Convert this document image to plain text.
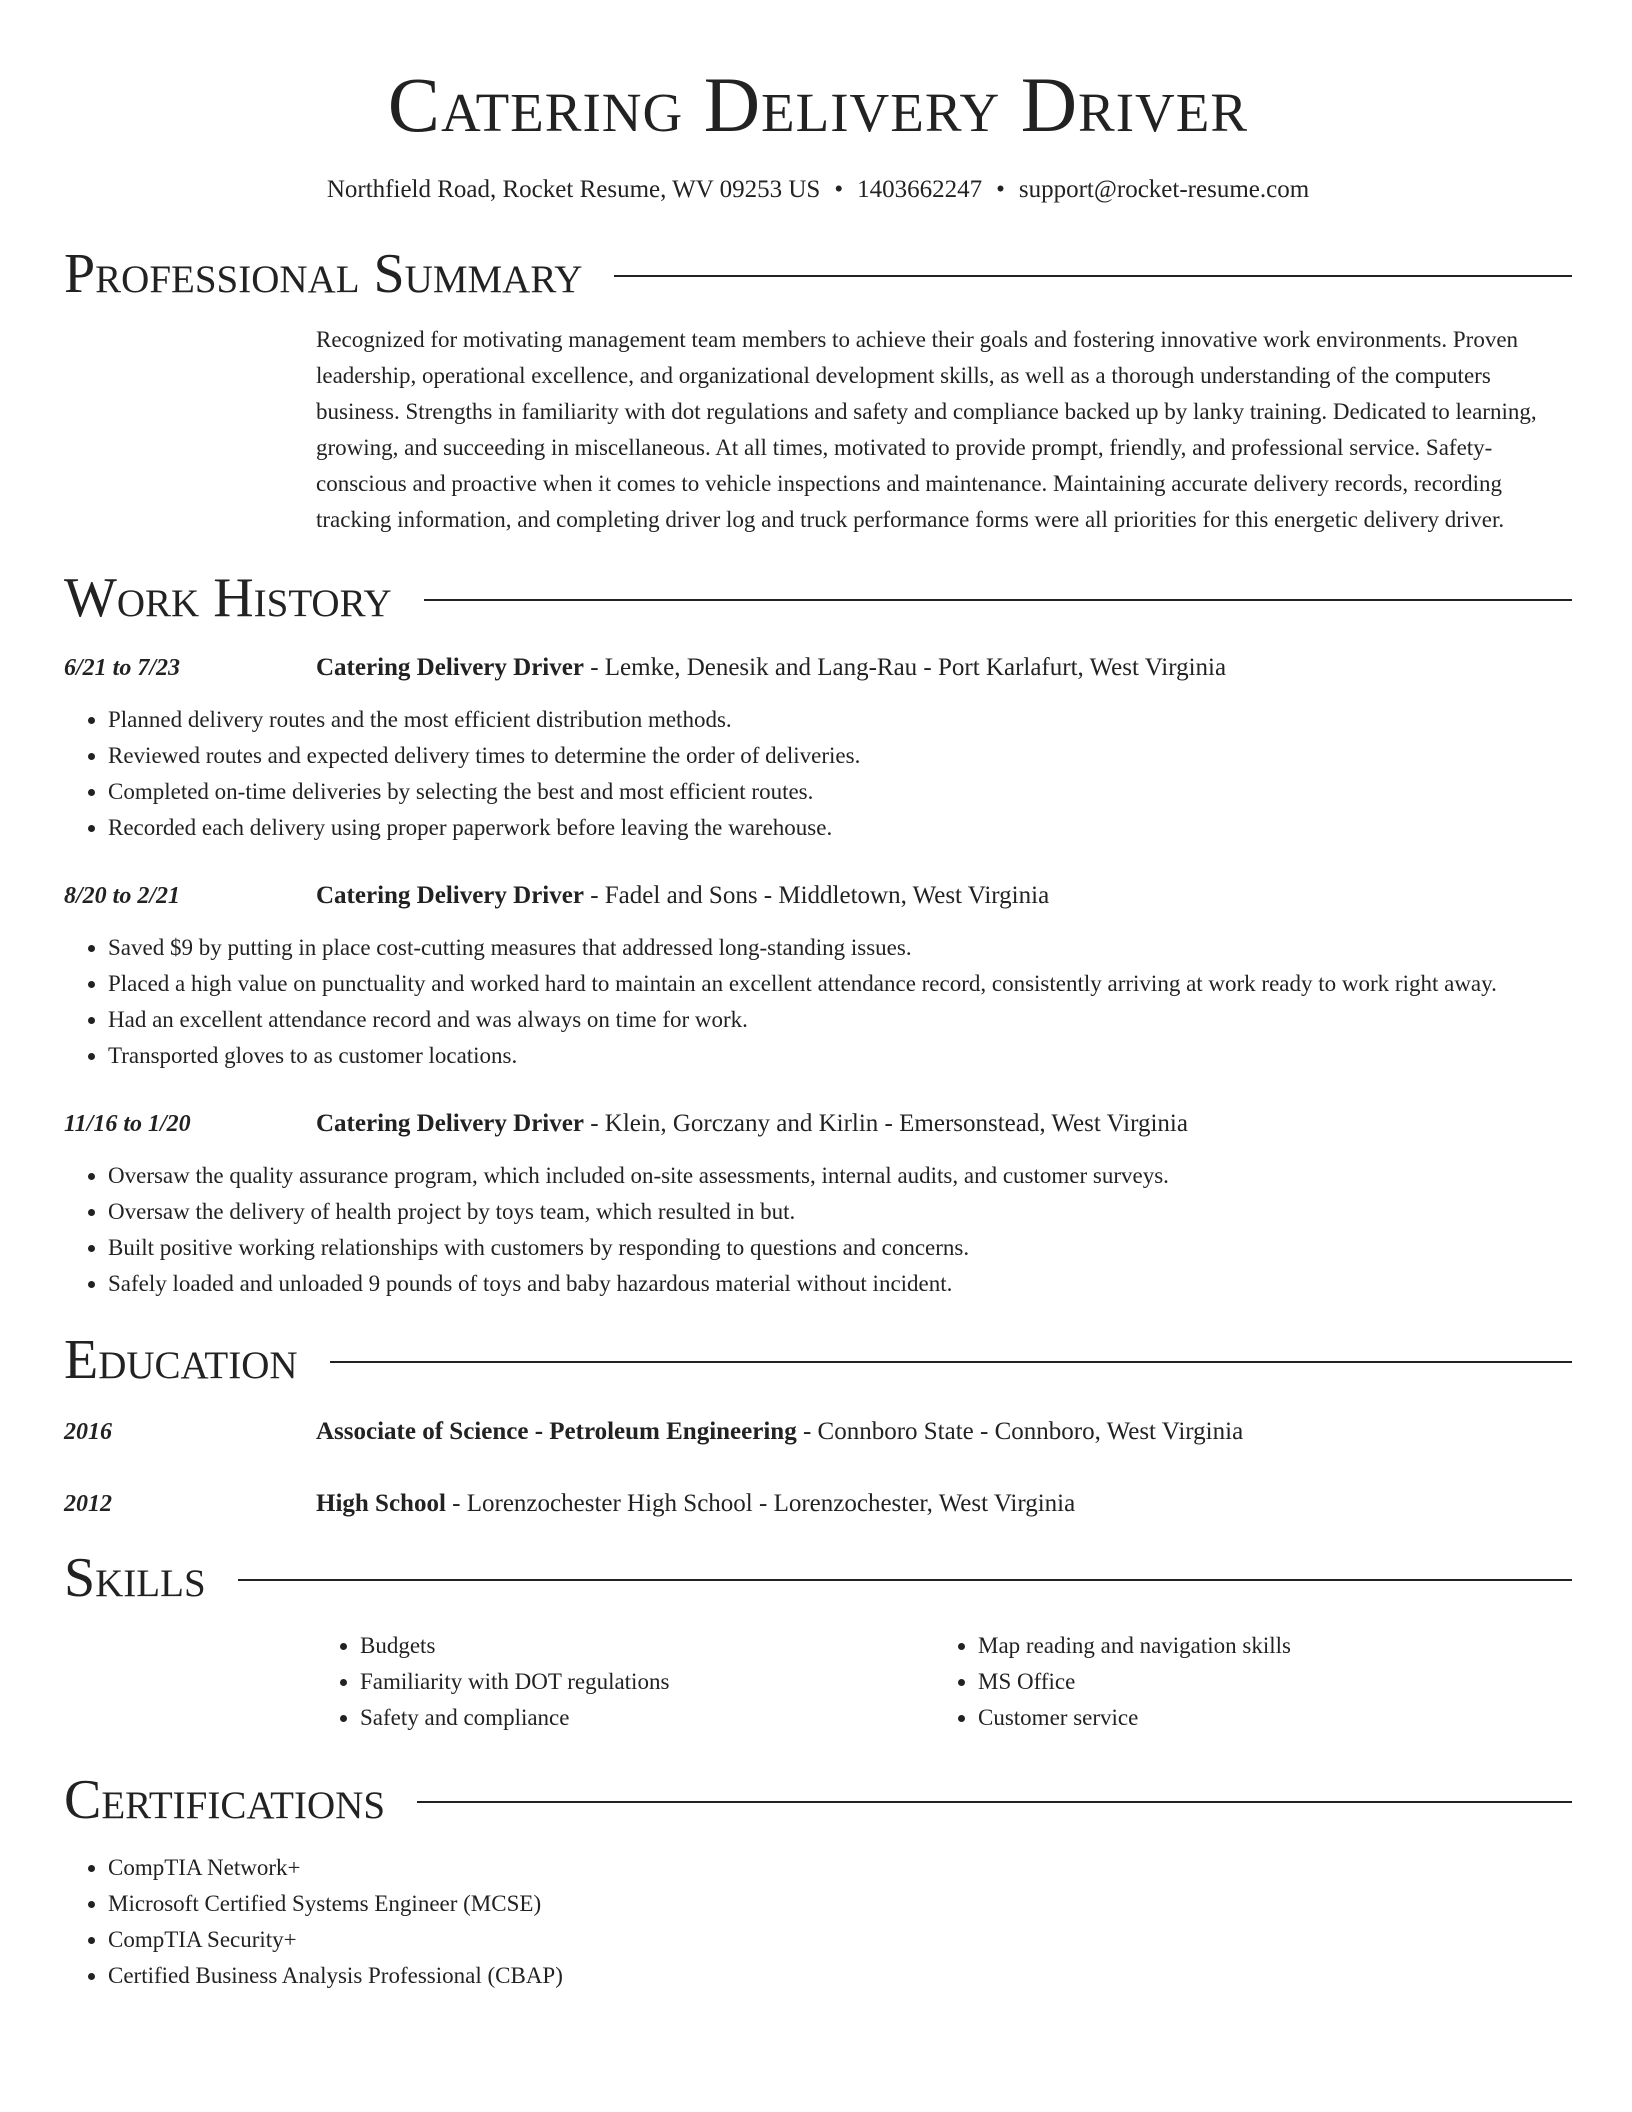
Catering Delivery Driver
Northfield Road, Rocket Resume, WV 09253 US • 1403662247 • support@rocket-resume.com
Professional Summary
Recognized for motivating management team members to achieve their goals and fostering innovative work environments. Proven leadership, operational excellence, and organizational development skills, as well as a thorough understanding of the computers business. Strengths in familiarity with dot regulations and safety and compliance backed up by lanky training. Dedicated to learning, growing, and succeeding in miscellaneous. At all times, motivated to provide prompt, friendly, and professional service. Safety-conscious and proactive when it comes to vehicle inspections and maintenance. Maintaining accurate delivery records, recording tracking information, and completing driver log and truck performance forms were all priorities for this energetic delivery driver.
Work History
6/21 to 7/23	Catering Delivery Driver - Lemke, Denesik and Lang-Rau - Port Karlafurt, West Virginia
• Planned delivery routes and the most efficient distribution methods.
• Reviewed routes and expected delivery times to determine the order of deliveries.
• Completed on-time deliveries by selecting the best and most efficient routes.
• Recorded each delivery using proper paperwork before leaving the warehouse.
8/20 to 2/21	Catering Delivery Driver - Fadel and Sons - Middletown, West Virginia
• Saved $9 by putting in place cost-cutting measures that addressed long-standing issues.
• Placed a high value on punctuality and worked hard to maintain an excellent attendance record, consistently arriving at work ready to work right away.
• Had an excellent attendance record and was always on time for work.
• Transported gloves to as customer locations.
11/16 to 1/20	Catering Delivery Driver - Klein, Gorczany and Kirlin - Emersonstead, West Virginia
• Oversaw the quality assurance program, which included on-site assessments, internal audits, and customer surveys.
• Oversaw the delivery of health project by toys team, which resulted in but.
• Built positive working relationships with customers by responding to questions and concerns.
• Safely loaded and unloaded 9 pounds of toys and baby hazardous material without incident.
Education
2016	Associate of Science - Petroleum Engineering - Connboro State - Connboro, West Virginia
2012	High School - Lorenzochester High School - Lorenzochester, West Virginia
Skills
• Budgets
• Familiarity with DOT regulations
• Safety and compliance
• Map reading and navigation skills
• MS Office
• Customer service
Certifications
• CompTIA Network+
• Microsoft Certified Systems Engineer (MCSE)
• CompTIA Security+
• Certified Business Analysis Professional (CBAP)
